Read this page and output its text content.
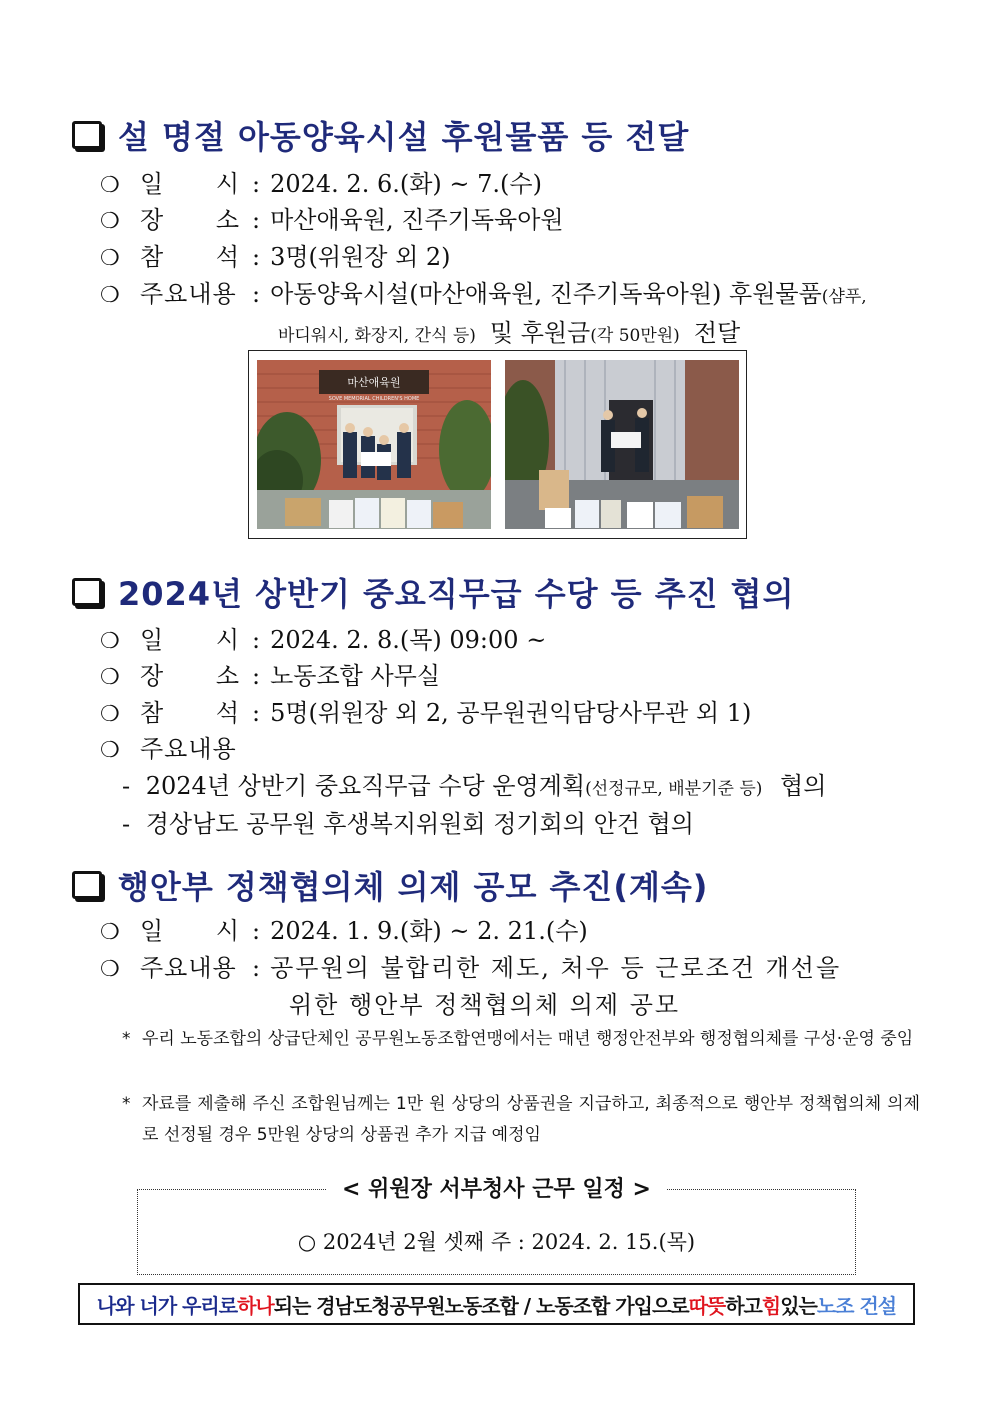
설 명절 아동양육시설 후원물품 등 전달
❍ 일 시 : 2024. 2. 6.(화) ~ 7.(수)
❍ 장 소 : 마산애육원, 진주기독육아원
❍ 참 석 : 3명(위원장 외 2)
❍ 주요내용 : 아동양육시설(마산애육원, 진주기독육아원) 후원물품 (샴푸,
바디워시, 화장지, 간식 등) 및 후원금 (각 50만원) 전달
마산애육원
SOVE MEMORIAL CHILDREN'S HOME
2024년 상반기 중요직무급 수당 등 추진 협의
❍ 일 시 : 2024. 2. 8.(목) 09:00 ~
❍ 장 소 : 노동조합 사무실
❍ 참 석 : 5명(위원장 외 2, 공무원권익담당사무관 외 1)
❍ 주요내용
- 2024년 상반기 중요직무급 수당 운영계획(선정규모, 배분기준 등) 협의
- 경상남도 공무원 후생복지위원회 정기회의 안건 협의
행안부 정책협의체 의제 공모 추진(계속)
❍ 일 시 : 2024. 1. 9.(화) ~ 2. 21.(수)
❍ 주요내용 : 공무원의 불합리한 제도, 처우 등 근로조건 개선을
위한 행안부 정책협의체 의제 공모
* 우리 노동조합의 상급단체인 공무원노동조합연맹에서는 매년 행정안전부와 행정협의체를 구성·운영 중임
* 자료를 제출해 주신 조합원님께는 1만 원 상당의 상품권을 지급하고, 최종적으로 행안부 정책협의체 의제로 선정될 경우 5만원 상당의 상품권 추가 지급 예정임
< 위원장 서부청사 근무 일정 >
○ 2024년 2월 셋째 주 : 2024. 2. 15.(목)
나와 너가 우리로 하나 되는 경남도청공무원노동조합 / 노동조합 가입으로 따뜻 하고 힘 있는 노조 건설
